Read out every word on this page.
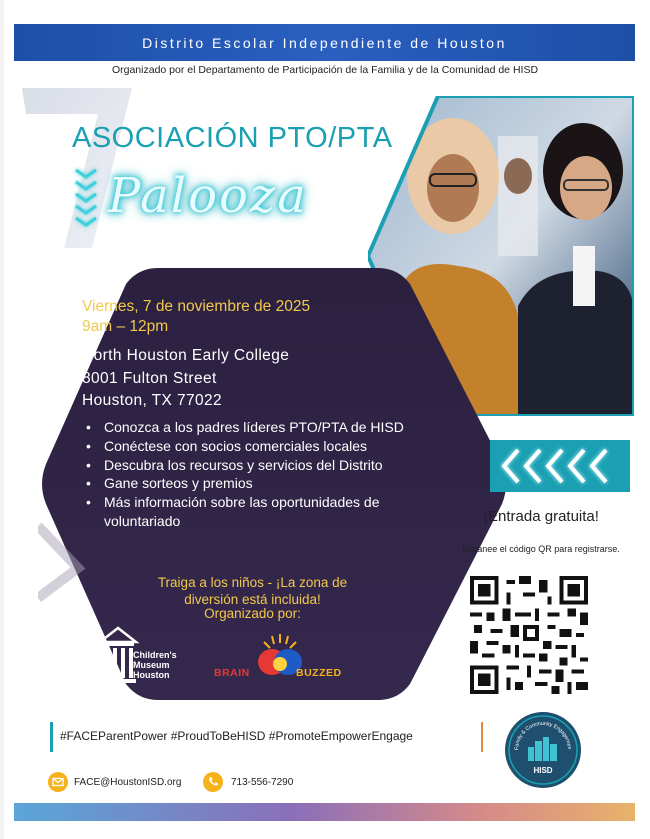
Distrito Escolar Independiente de Houston
Organizado por el Departamento de Participación de la Familia y de la Comunidad de HISD
ASOCIACIÓN PTO/PTA
Palooza
Viernes, 7 de noviembre de 2025
9am – 12pm
North Houston Early College
8001 Fulton Street
Houston, TX 77022
• Conozca a los padres líderes PTO/PTA de HISD
• Conéctese con socios comerciales locales
• Descubra los recursos y servicios del Distrito
• Gane sorteos y premios
• Más información sobre las oportunidades de voluntariado
Traiga a los niños - ¡La zona de diversión está incluida!
Organizado por:
Children's
Museum
Houston	BRAIN	BUZZED
¡Entrada gratuita!
Escanee el código QR para registrarse.
#FACEParentPower #ProudToBeHISD #PromoteEmpowerEngage
Family & Community Engagemen
HISD
FACE@HoustonISD.org	713-556-7290
